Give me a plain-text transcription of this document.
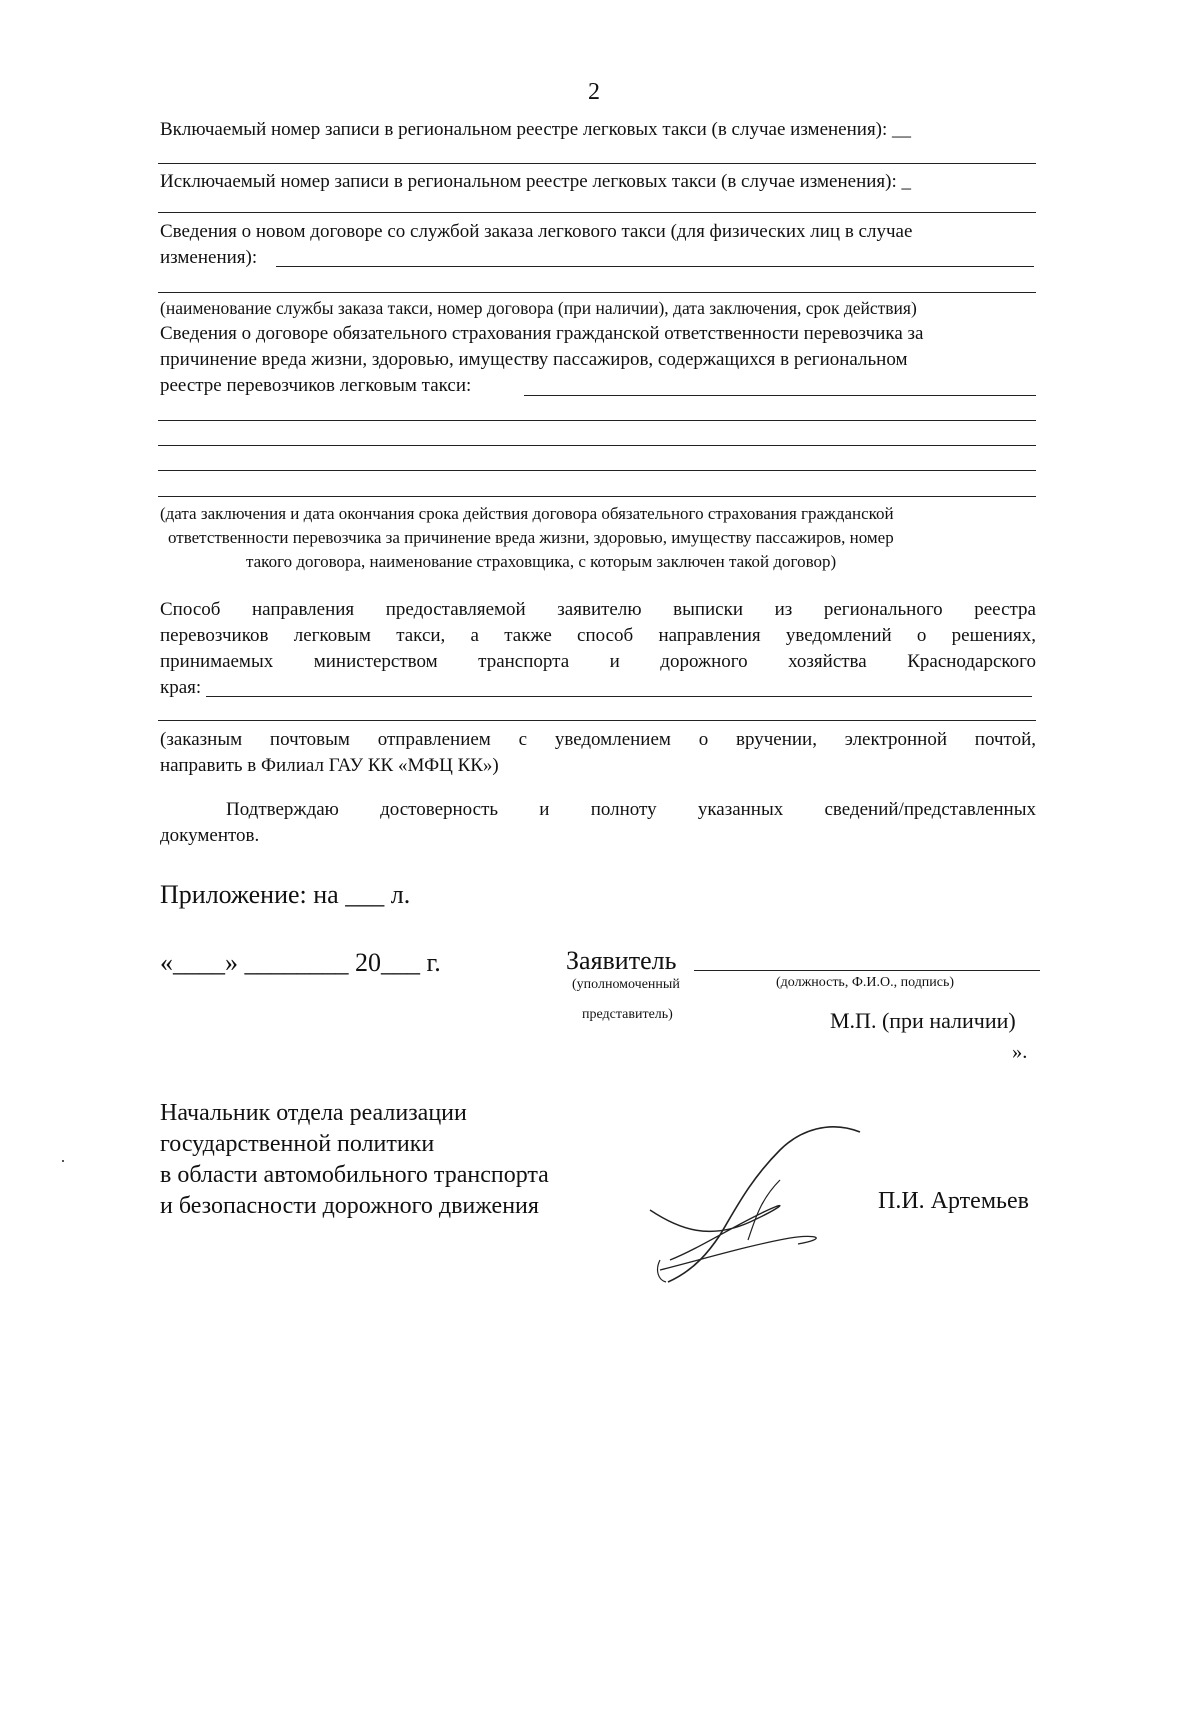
2
Включаемый номер записи в региональном реестре легковых такси (в случае изменения): __
Исключаемый номер записи в региональном реестре легковых такси (в случае изменения): _
Сведения о новом договоре со службой заказа легкового такси (для физических лиц в случае
изменения):
(наименование службы заказа такси, номер договора (при наличии), дата заключения, срок действия)
Сведения о договоре обязательного страхования гражданской ответственности перевозчика за
причинение вреда жизни, здоровью, имуществу пассажиров, содержащихся в региональном
реестре перевозчиков легковым такси:
(дата заключения и дата окончания срока действия договора обязательного страхования гражданской
ответственности перевозчика за причинение вреда жизни, здоровью, имуществу пассажиров, номер
такого договора, наименование страховщика, с которым заключен такой договор)
Способ направления предоставляемой заявителю выписки из регионального реестра
перевозчиков легковым такси, а также способ направления уведомлений о решениях,
принимаемых министерством транспорта и дорожного хозяйства Краснодарского
края:
(заказным почтовым отправлением с уведомлением о вручении, электронной почтой,
направить в Филиал ГАУ КК «МФЦ КК»)
Подтверждаю достоверность и полноту указанных сведений/представленных
документов.
Приложение: на ___ л.
«____» ________ 20___ г.	Заявитель
(уполномоченный	(должность, Ф.И.О., подпись)
представитель)	М.П. (при наличии)
».
Начальник отдела реализации
государственной политики
в области автомобильного транспорта
и безопасности дорожного движения	П.И. Артемьев
